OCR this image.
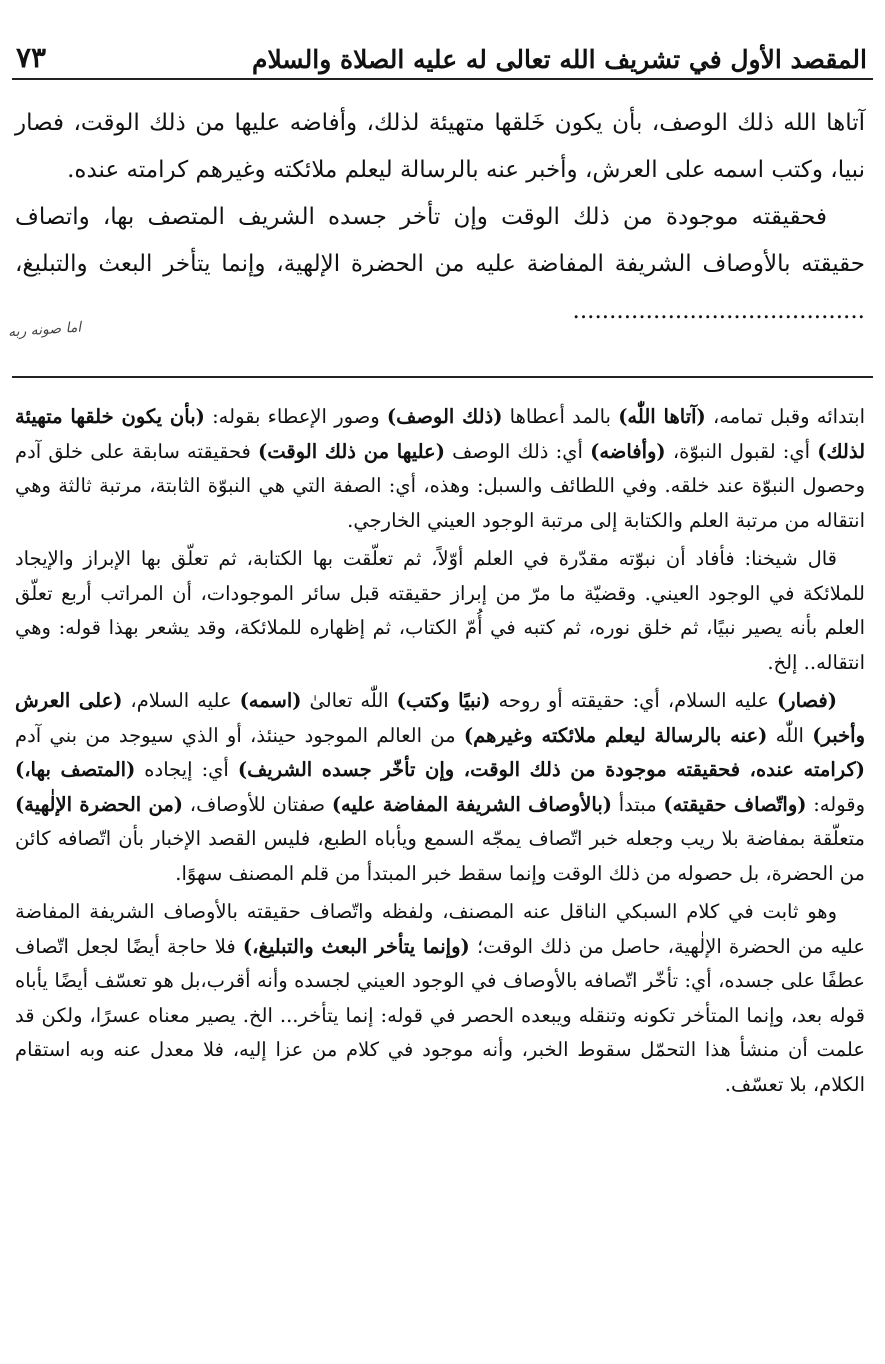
المقصد الأول في تشريف الله تعالى له عليه الصلاة والسلام
٧٣

آتاها الله ذلك الوصف، بأن يكون خَلقها متهيئة لذلك، وأفاضه عليها من ذلك الوقت، فصار نبيا، وكتب اسمه على العرش، وأخبر عنه بالرسالة ليعلم ملائكته وغيرهم كرامته عنده.

فحقيقته موجودة من ذلك الوقت وإن تأخر جسده الشريف المتصف بها، واتصاف حقيقته بالأوصاف الشريفة المفاضة عليه من الحضرة الإلهية، وإنما يتأخر البعث والتبليغ، ........................................

اما صونه ربه

ابتدائه وقبل تمامه، (آتاها اللّٰه) بالمد أعطاها (ذلك الوصف) وصور الإعطاء بقوله: (بأن يكون خلقها متهيئة لذلك) أي: لقبول النبوّة، (وأفاضه) أي: ذلك الوصف (عليها من ذلك الوقت) فحقيقته سابقة على خلق آدم وحصول النبوّة عند خلقه. وفي اللطائف والسبل: وهذه، أي: الصفة التي هي النبوّة الثابتة، مرتبة ثالثة وهي انتقاله من مرتبة العلم والكتابة إلى مرتبة الوجود العيني الخارجي.

قال شيخنا: فأفاد أن نبوّته مقدّرة في العلم أوّلاً، ثم تعلّقت بها الكتابة، ثم تعلّق بها الإبراز والإيجاد للملائكة في الوجود العيني. وقضيّة ما مرّ من إبراز حقيقته قبل سائر الموجودات، أن المراتب أربع تعلّق العلم بأنه يصير نبيًا، ثم خلق نوره، ثم كتبه في أُمّ الكتاب، ثم إظهاره للملائكة، وقد يشعر بهذا قوله: وهي انتقاله.. إلخ.

(فصار) عليه السلام، أي: حقيقته أو روحه (نبيًا وكتب) اللّٰه تعالىٰ (اسمه) عليه السلام، (على العرش وأخبر) اللّٰه (عنه بالرسالة ليعلم ملائكته وغيرهم) من العالم الموجود حينئذ، أو الذي سيوجد من بني آدم (كرامته عنده، فحقيقته موجودة من ذلك الوقت، وإن تأخّر جسده الشريف) أي: إيجاده (المتصف بها،) وقوله: (واتّصاف حقيقته) مبتدأ (بالأوصاف الشريفة المفاضة عليه) صفتان للأوصاف، (من الحضرة الإلٰهية) متعلّقة بمفاضة بلا ريب وجعله خبر اتّصاف يمجّه السمع ويأباه الطبع، فليس القصد الإخبار بأن اتّصافه كائن من الحضرة، بل حصوله من ذلك الوقت وإنما سقط خبر المبتدأ من قلم المصنف سهوًا.

وهو ثابت في كلام السبكي الناقل عنه المصنف، ولفظه واتّصاف حقيقته بالأوصاف الشريفة المفاضة عليه من الحضرة الإلٰهية، حاصل من ذلك الوقت؛ (وإنما يتأخر البعث والتبليغ،) فلا حاجة أيضًا لجعل اتّصاف عطفًا على جسده، أي: تأخّر اتّصافه بالأوصاف في الوجود العيني لجسده وأنه أقرب،بل هو تعسّف أيضًا يأباه قوله بعد، وإنما المتأخر تكونه وتنقله ويبعده الحصر في قوله: إنما يتأخر... الخ. يصير معناه عسرًا، ولكن قد علمت أن منشأ هذا التحمّل سقوط الخبر، وأنه موجود في كلام من عزا إليه، فلا معدل عنه وبه استقام الكلام، بلا تعسّف.
